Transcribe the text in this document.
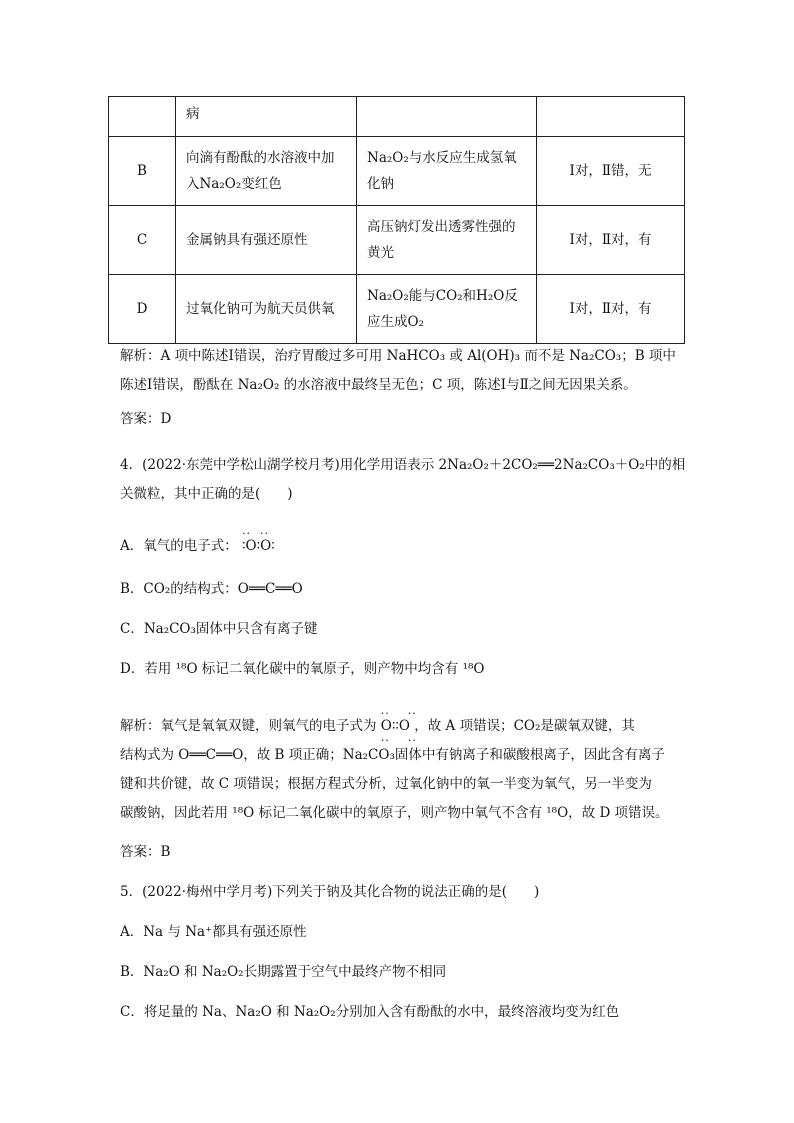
	病		
B	向滴有酚酞的水溶液中加入Na₂O₂变红色	Na₂O₂与水反应生成氢氧化钠	Ⅰ对，Ⅱ错，无
C	金属钠具有强还原性	高压钠灯发出透雾性强的黄光	Ⅰ对，Ⅱ对，有
D	过氧化钠可为航天员供氧	Na₂O₂能与CO₂和H₂O反应生成O₂	Ⅰ对，Ⅱ对，有
解析：A 项中陈述Ⅰ错误，治疗胃酸过多可用 NaHCO₃ 或 Al(OH)₃ 而不是 Na₂CO₃；B 项中
陈述Ⅰ错误，酚酞在 Na₂O₂ 的水溶液中最终呈无色；C 项，陈述Ⅰ与Ⅱ之间无因果关系。
答案：D
4．(2022·东莞中学松山湖学校月考)用化学用语表示 2Na₂O₂＋2CO₂══2Na₂CO₃＋O₂中的相
关微粒，其中正确的是(　　)
A．氧气的电子式：
··  ··
∶O∶O∶
B．CO₂的结构式：O══C══O
C．Na₂CO₃固体中只含有离子键
D．若用 ¹⁸O 标记二氧化碳中的氧原子，则产物中均含有 ¹⁸O
解析：氧气是氧氧双键，则氧气的电子式为
··    ··
O∶∶O
··    ··
，故 A 项错误；CO₂是碳氧双键，其
结构式为 O══C══O，故 B 项正确；Na₂CO₃固体中有钠离子和碳酸根离子，因此含有离子
键和共价键，故 C 项错误；根据方程式分析，过氧化钠中的氧一半变为氧气，另一半变为
碳酸钠，因此若用 ¹⁸O 标记二氧化碳中的氧原子，则产物中氧气不含有 ¹⁸O，故 D 项错误。
答案：B
5．(2022·梅州中学月考)下列关于钠及其化合物的说法正确的是(　　)
A．Na 与 Na⁺都具有强还原性
B．Na₂O 和 Na₂O₂长期露置于空气中最终产物不相同
C．将足量的 Na、Na₂O 和 Na₂O₂分别加入含有酚酞的水中，最终溶液均变为红色
